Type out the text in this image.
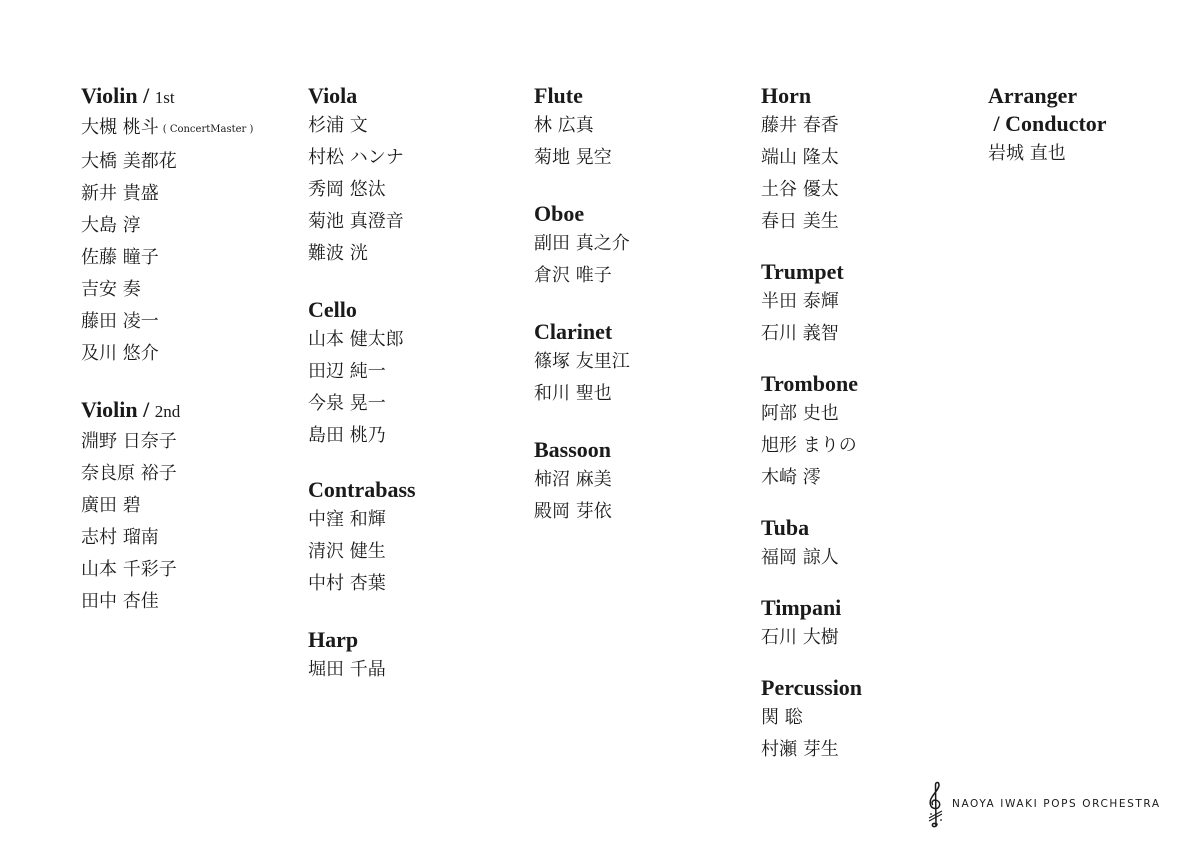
Violin / 1st
大槻 桃斗 ( ConcertMaster )
大橋 美都花
新井 貴盛
大島 淳
佐藤 瞳子
吉安 奏
藤田 凌一
及川 悠介
Violin / 2nd
淵野 日奈子
奈良原 裕子
廣田 碧
志村 瑠南
山本 千彩子
田中 杏佳
Viola
杉浦 文
村松 ハンナ
秀岡 悠汰
菊池 真澄音
難波 洸
Cello
山本 健太郎
田辺 純一
今泉 晃一
島田 桃乃
Contrabass
中窪 和輝
清沢 健生
中村 杏葉
Harp
堀田 千晶
Flute
林 広真
菊地 晃空
Oboe
副田 真之介
倉沢 唯子
Clarinet
篠塚 友里江
和川 聖也
Bassoon
柿沼 麻美
殿岡 芽依
Horn
藤井 春香
端山 隆太
土谷 優太
春日 美生
Trumpet
半田 泰輝
石川 義智
Trombone
阿部 史也
旭形 まりの
木崎 澪
Tuba
福岡 諒人
Timpani
石川 大樹
Percussion
関 聡
村瀬 芽生
Arranger
/ Conductor
岩城 直也
NAOYA IWAKI POPS ORCHESTRA
